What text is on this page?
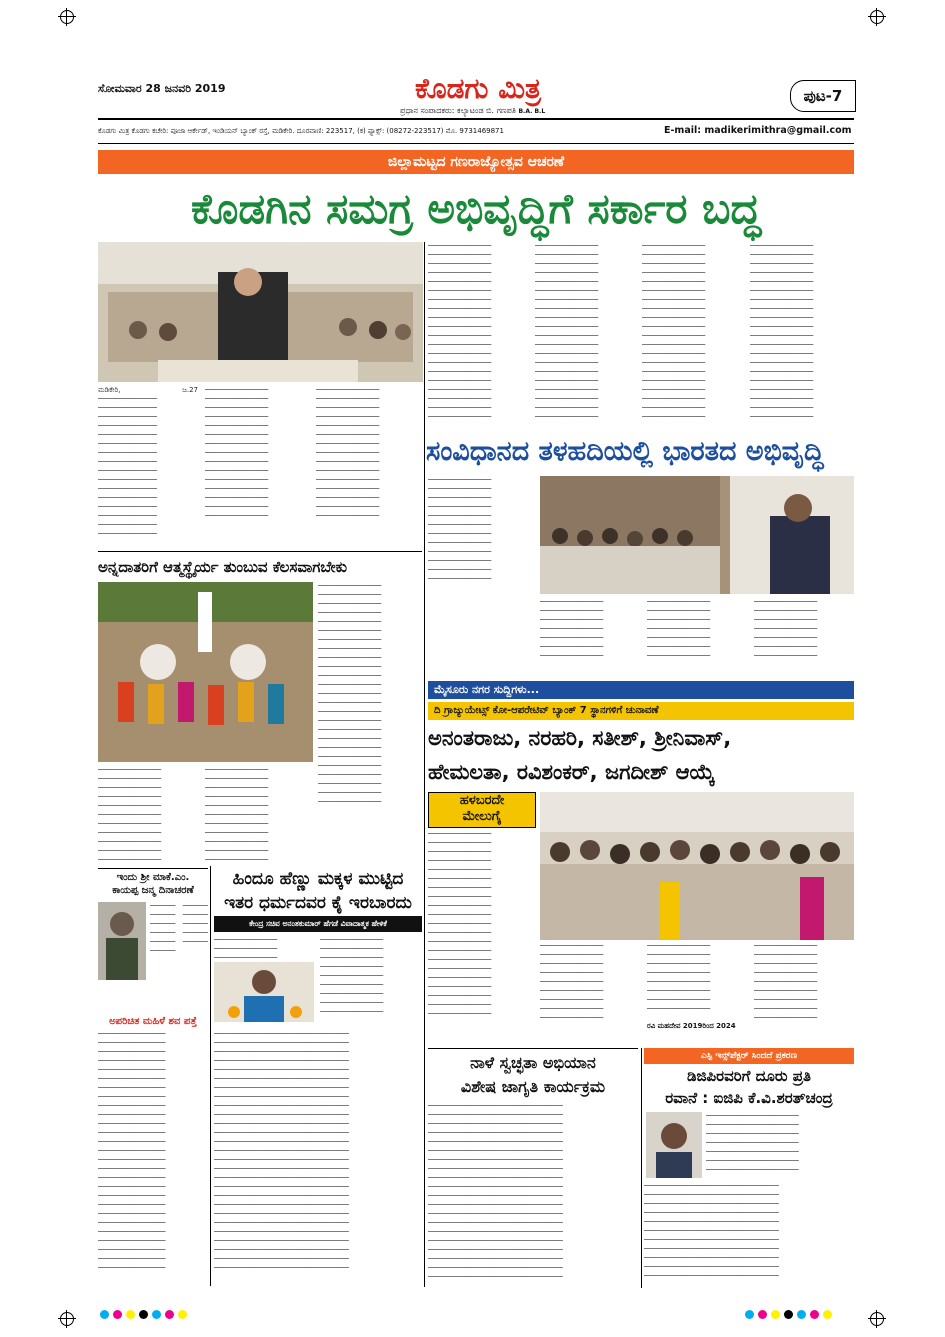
ಸೋಮವಾರ 28 ಜನವರಿ 2019	ಕೊಡಗು ಮಿತ್ರ
ಪ್ರಧಾನ ಸಂಪಾದಕರು: ಕಲ್ಯಾಟಂಡ ಬಿ. ಗಣಪತಿ B.A. B.L
ಪುಟ-7
ಕೊಡಗು ಮಿತ್ರ ಕೊಡಗು ಕಚೇರಿ: ಪೂಜಾ ಆರ್ಕೇಡ್, ಇಂಡಿಯನ್ ಬ್ಯಾಂಕ್ ರಸ್ತೆ, ಮಡಿಕೇರಿ. ದೂರವಾಣಿ: 223517, (ಕ) ಫ್ಯಾಕ್ಸ್: (08272-223517) ಮೊ. 9731469871	E-mail: madikerimithra@gmail.com
ಜಿಲ್ಲಾಮಟ್ಟದ ಗಣರಾಜ್ಯೋತ್ಸವ ಆಚರಣೆ
ಕೊಡಗಿನ ಸಮಗ್ರ ಅಭಿವೃದ್ಧಿಗೆ ಸರ್ಕಾರ ಬದ್ಧ
ಮಡಿಕೇರಿ, ಜ.27 ────────────── ────────────── ────────────── ────────────── ────────────── ────────────── ────────────── ────────────── ────────────── ────────────── ────────────── ────────────── ────────────── ────────────── ────────────── ──────────────
─────────────── ─────────────── ─────────────── ─────────────── ─────────────── ─────────────── ─────────────── ─────────────── ─────────────── ─────────────── ─────────────── ─────────────── ─────────────── ─────────────── ───────────────
─────────────── ─────────────── ─────────────── ─────────────── ─────────────── ─────────────── ─────────────── ─────────────── ─────────────── ─────────────── ─────────────── ─────────────── ─────────────── ─────────────── ───────────────
─────────────── ─────────────── ─────────────── ─────────────── ─────────────── ─────────────── ─────────────── ─────────────── ─────────────── ─────────────── ─────────────── ─────────────── ─────────────── ─────────────── ─────────────── ─────────────── ─────────────── ─────────────── ─────────────── ───────────────
─────────────── ─────────────── ─────────────── ─────────────── ─────────────── ─────────────── ─────────────── ─────────────── ─────────────── ─────────────── ─────────────── ─────────────── ─────────────── ─────────────── ─────────────── ─────────────── ─────────────── ─────────────── ─────────────── ───────────────
─────────────── ─────────────── ─────────────── ─────────────── ─────────────── ─────────────── ─────────────── ─────────────── ─────────────── ─────────────── ─────────────── ─────────────── ─────────────── ─────────────── ─────────────── ─────────────── ─────────────── ─────────────── ─────────────── ───────────────
─────────────── ─────────────── ─────────────── ─────────────── ─────────────── ─────────────── ─────────────── ─────────────── ─────────────── ─────────────── ─────────────── ─────────────── ─────────────── ─────────────── ─────────────── ─────────────── ─────────────── ─────────────── ─────────────── ───────────────
ಸಂವಿಧಾನದ ತಳಹದಿಯಲ್ಲಿ ಭಾರತದ ಅಭಿವೃದ್ಧಿ
─────────────── ─────────────── ─────────────── ─────────────── ─────────────── ─────────────── ─────────────── ─────────────── ─────────────── ─────────────── ─────────────── ───────────────
─────────────── ─────────────── ─────────────── ─────────────── ─────────────── ─────────────── ───────────────
─────────────── ─────────────── ─────────────── ─────────────── ─────────────── ─────────────── ───────────────
─────────────── ─────────────── ─────────────── ─────────────── ─────────────── ─────────────── ───────────────
ಅನ್ನದಾತರಿಗೆ ಆತ್ಮಸ್ಥೈರ್ಯ ತುಂಬುವ ಕೆಲಸವಾಗಬೇಕು
─────────────── ─────────────── ─────────────── ─────────────── ─────────────── ─────────────── ─────────────── ─────────────── ─────────────── ─────────────── ─────────────── ─────────────── ─────────────── ─────────────── ─────────────── ─────────────── ─────────────── ─────────────── ─────────────── ─────────────── ─────────────── ─────────────── ─────────────── ─────────────── ───────────────
─────────────── ─────────────── ─────────────── ─────────────── ─────────────── ─────────────── ─────────────── ─────────────── ─────────────── ─────────────── ───────────────
─────────────── ─────────────── ─────────────── ─────────────── ─────────────── ─────────────── ─────────────── ─────────────── ─────────────── ─────────────── ───────────────
ಮೈಸೂರು ನಗರ ಸುದ್ದಿಗಳು...
ದಿ ಗ್ರಾಜ್ಯುಯೇಟ್ಸ್ ಕೋ-ಆಪರೇಟಿವ್ ಬ್ಯಾಂಕ್ 7 ಸ್ಥಾನಗಳಿಗೆ ಚುನಾವಣೆ
ಅನಂತರಾಜು, ನರಹರಿ, ಸತೀಶ್, ಶ್ರೀನಿವಾಸ್,
ಹೇಮಲತಾ, ರವಿಶಂಕರ್, ಜಗದೀಶ್ ಆಯ್ಕೆ
ಹಳಬರದೇ
ಮೇಲುಗೈ
─────────────── ─────────────── ─────────────── ─────────────── ─────────────── ─────────────── ─────────────── ─────────────── ─────────────── ─────────────── ─────────────── ─────────────── ─────────────── ─────────────── ─────────────── ─────────────── ─────────────── ─────────────── ─────────────── ─────────────── ───────────────
─────────────── ─────────────── ─────────────── ─────────────── ─────────────── ─────────────── ─────────────── ─────────────── ───────────────
─────────────── ─────────────── ─────────────── ─────────────── ─────────────── ─────────────── ─────────────── ───────────────
ರವಿ ಮಹದೇವ 2019ರಿಂದ 2024
─────────────── ─────────────── ─────────────── ─────────────── ─────────────── ─────────────── ─────────────── ─────────────── ───────────────
ಇಂದು ಶ್ರೀ ಮಾಕೆ.ಎಂ.
ಕಾಯಪ್ಪ ಜನ್ಮ ದಿನಾಚರಣೆ
────── ────── ────── ────── ────── ────── ────── ────── ────── ────── ──────
ಅಪರಿಚಿತ ಮಹಿಳೆ ಶವ ಪತ್ತೆ
──────────────── ──────────────── ──────────────── ──────────────── ──────────────── ──────────────── ──────────────── ──────────────── ──────────────── ──────────────── ──────────────── ──────────────── ──────────────── ──────────────── ──────────────── ──────────────── ──────────────── ──────────────── ──────────────── ──────────────── ──────────────── ──────────────── ──────────────── ──────────────── ──────────────── ──────────────── ────────────────
ಹಿಂದೂ ಹೆಣ್ಣು ಮಕ್ಕಳ ಮುಟ್ಟಿದ
ಇತರ ಧರ್ಮದವರ ಕೈ ಇರಬಾರದು
ಕೇಂದ್ರ ಸಚಿವ ಅನಂತಕುಮಾರ್ ಹೆಗಡೆ ವಿವಾದಾತ್ಮಕ ಹೇಳಿಕೆ
─────────────── ─────────────── ───────────────
─────────────── ─────────────── ─────────────── ─────────────── ─────────────── ─────────────── ─────────────── ─────────────── ───────────────
──────────────────────────────── ──────────────────────────────── ──────────────────────────────── ──────────────────────────────── ──────────────────────────────── ──────────────────────────────── ──────────────────────────────── ──────────────────────────────── ──────────────────────────────── ──────────────────────────────── ──────────────────────────────── ──────────────────────────────── ──────────────────────────────── ──────────────────────────────── ──────────────────────────────── ──────────────────────────────── ──────────────────────────────── ──────────────────────────────── ──────────────────────────────── ──────────────────────────────── ──────────────────────────────── ──────────────────────────────── ──────────────────────────────── ──────────────────────────────── ──────────────────────────────── ──────────────────────────────── ────────────────────────────────
ನಾಳೆ ಸ್ವಚ್ಛತಾ ಅಭಿಯಾನ
ವಿಶೇಷ ಜಾಗೃತಿ ಕಾರ್ಯಕ್ರಮ
──────────────────────────────── ──────────────────────────────── ──────────────────────────────── ──────────────────────────────── ──────────────────────────────── ──────────────────────────────── ──────────────────────────────── ──────────────────────────────── ──────────────────────────────── ──────────────────────────────── ──────────────────────────────── ──────────────────────────────── ──────────────────────────────── ──────────────────────────────── ──────────────────────────────── ──────────────────────────────── ──────────────────────────────── ──────────────────────────────── ──────────────────────────────── ────────────────────────────────
ಎಸ್ಪಿ ಇನ್ಸ್‌ಪೆಕ್ಟರ್ ಸಿಂದದೆ ಪ್ರಕರಣ
ಡಿಜಿಪಿರವರಿಗೆ ದೂರು ಪ್ರತಿ
ರವಾನೆ : ಐಜಿಪಿ ಕೆ.ವಿ.ಶರತ್‌ಚಂದ್ರ
────────────────────── ────────────────────── ────────────────────── ────────────────────── ────────────────────── ────────────────────── ──────────────────────
──────────────────────────────── ──────────────────────────────── ──────────────────────────────── ──────────────────────────────── ──────────────────────────────── ──────────────────────────────── ──────────────────────────────── ──────────────────────────────── ──────────────────────────────── ──────────────────────────────── ────────────────────────────────
